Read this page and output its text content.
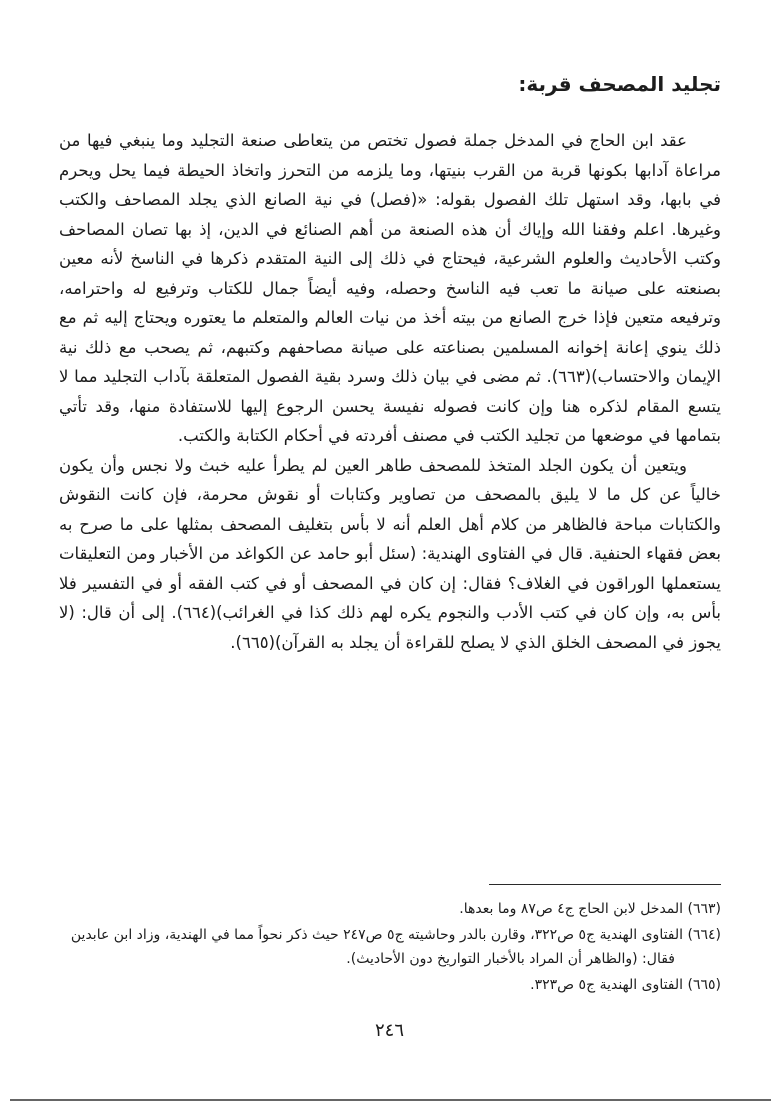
تجليد المصحف قربة:

عقد ابن الحاج في المدخل جملة فصول تختص من يتعاطى صنعة التجليد وما ينبغي فيها من مراعاة آدابها بكونها قربة من القرب بنيتها، وما يلزمه من التحرز واتخاذ الحيطة فيما يحل ويحرم في بابها، وقد استهل تلك الفصول بقوله: «(فصل) في نية الصانع الذي يجلد المصاحف والكتب وغيرها. اعلم وفقنا الله وإياك أن هذه الصنعة من أهم الصنائع في الدين، إذ بها تصان المصاحف وكتب الأحاديث والعلوم الشرعية، فيحتاج في ذلك إلى النية المتقدم ذكرها في الناسخ لأنه معين بصنعته على صيانة ما تعب فيه الناسخ وحصله، وفيه أيضاً جمال للكتاب وترفيع له واحترامه، وترفيعه متعين فإذا خرج الصانع من بيته أخذ من نيات العالم والمتعلم ما يعتوره ويحتاج إليه ثم مع ذلك ينوي إعانة إخوانه المسلمين بصناعته على صيانة مصاحفهم وكتبهم، ثم يصحب مع ذلك نية الإيمان والاحتساب)(٦٦٣). ثم مضى في بيان ذلك وسرد بقية الفصول المتعلقة بآداب التجليد مما لا يتسع المقام لذكره هنا وإن كانت فصوله نفيسة يحسن الرجوع إليها للاستفادة منها، وقد تأتي بتمامها في موضعها من تجليد الكتب في مصنف أفردته في أحكام الكتابة والكتب.

ويتعين أن يكون الجلد المتخذ للمصحف طاهر العين لم يطرأ عليه خبث ولا نجس وأن يكون خالياً عن كل ما لا يليق بالمصحف من تصاوير وكتابات أو نقوش محرمة، فإن كانت النقوش والكتابات مباحة فالظاهر من كلام أهل العلم أنه لا بأس بتغليف المصحف بمثلها على ما صرح به بعض فقهاء الحنفية. قال في الفتاوى الهندية: (سئل أبو حامد عن الكواغد من الأخبار ومن التعليقات يستعملها الوراقون في الغلاف؟ فقال: إن كان في المصحف أو في كتب الفقه أو في التفسير فلا بأس به، وإن كان في كتب الأدب والنجوم يكره لهم ذلك كذا في الغرائب)(٦٦٤). إلى أن قال: (لا يجوز في المصحف الخلق الذي لا يصلح للقراءة أن يجلد به القرآن)(٦٦٥).

(٦٦٣) المدخل لابن الحاج ج٤ ص٨٧ وما بعدها.

(٦٦٤) الفتاوى الهندية ج٥ ص٣٢٢، وقارن بالدر وحاشيته ج٥ ص٢٤٧ حيث ذكر نحواً مما في الهندية، وزاد ابن عابدين فقال: (والظاهر أن المراد بالأخبار التواريخ دون الأحاديث).

(٦٦٥) الفتاوى الهندية ج٥ ص٣٢٣.

٢٤٦
